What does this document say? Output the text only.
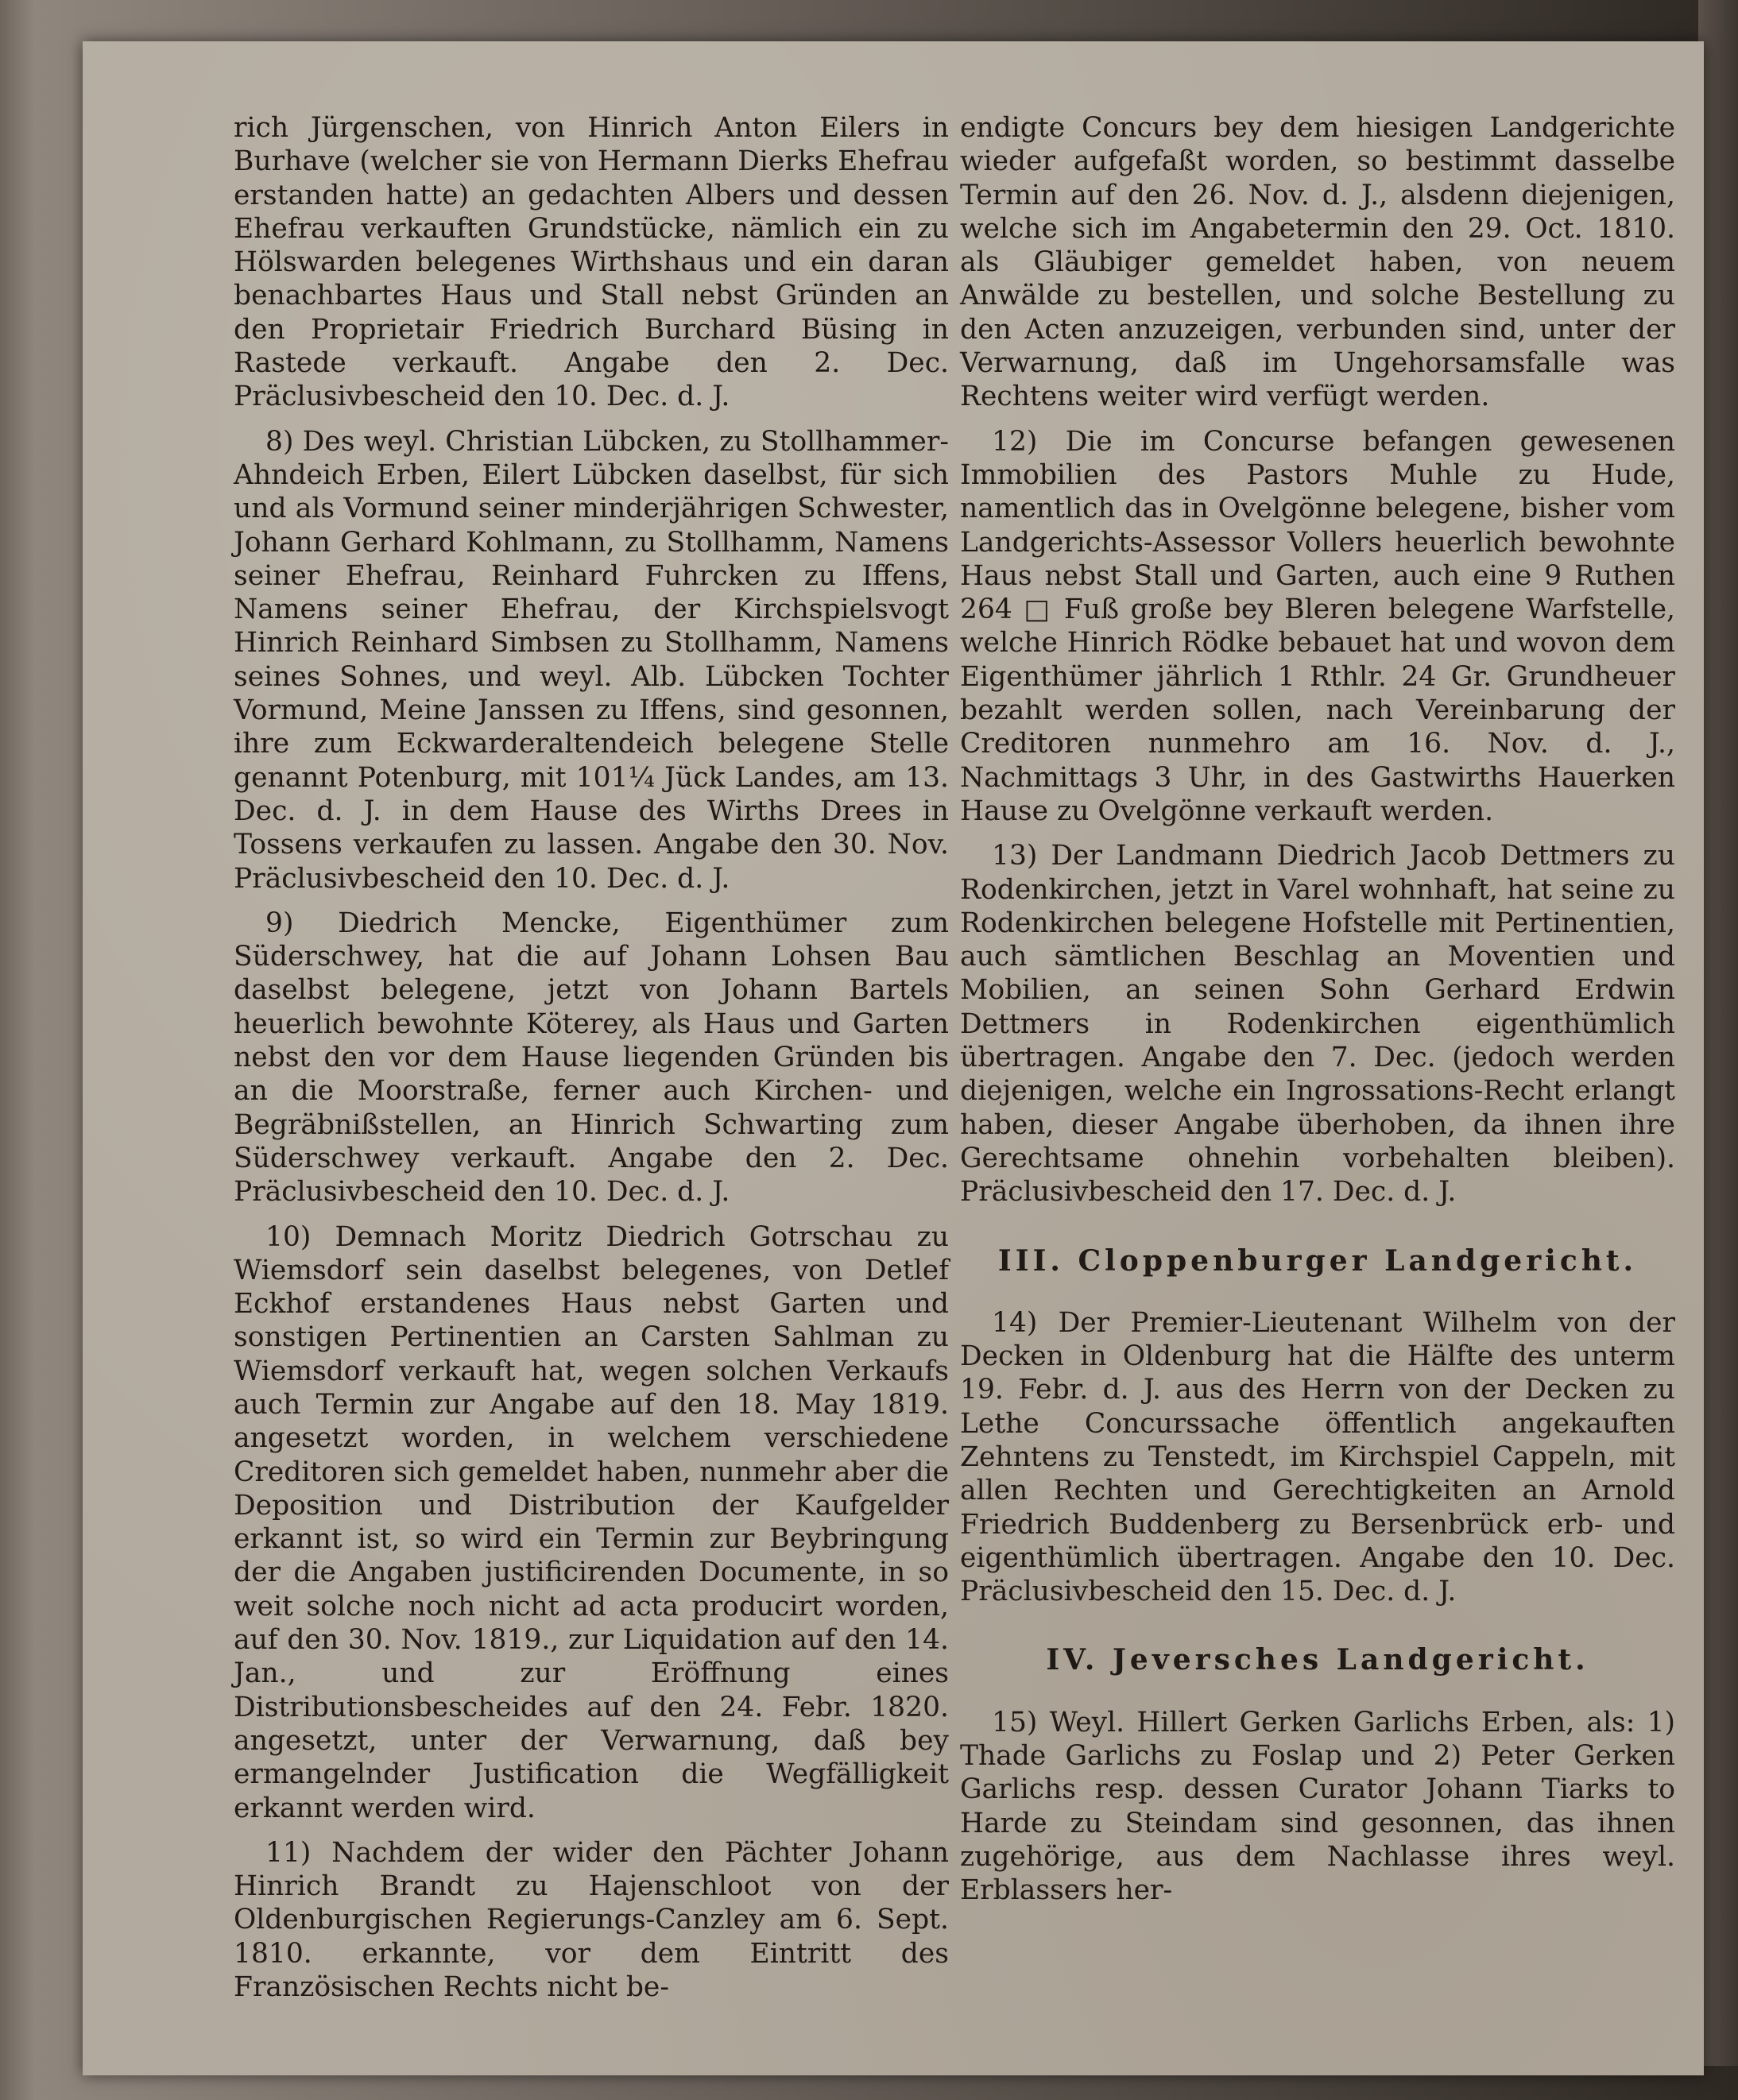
rich Jürgenschen, von Hinrich Anton Eilers in Burhave (welcher sie von Hermann Dierks Ehefrau erstanden hatte) an gedachten Albers und dessen Ehefrau verkauften Grundstücke, nämlich ein zu Hölswarden belegenes Wirthshaus und ein daran benachbartes Haus und Stall nebst Gründen an den Proprietair Friedrich Burchard Büsing in Rastede verkauft. Angabe den 2. Dec. Präclusivbescheid den 10. Dec. d. J.

8) Des weyl. Christian Lübcken, zu Stollhammer-Ahndeich Erben, Eilert Lübcken daselbst, für sich und als Vormund seiner minderjährigen Schwester, Johann Gerhard Kohlmann, zu Stollhamm, Namens seiner Ehefrau, Reinhard Fuhrcken zu Iffens, Namens seiner Ehefrau, der Kirchspielsvogt Hinrich Reinhard Simbsen zu Stollhamm, Namens seines Sohnes, und weyl. Alb. Lübcken Tochter Vormund, Meine Janssen zu Iffens, sind gesonnen, ihre zum Eckwarderaltendeich belegene Stelle genannt Potenburg, mit 101¼ Jück Landes, am 13. Dec. d. J. in dem Hause des Wirths Drees in Tossens verkaufen zu lassen. Angabe den 30. Nov. Präclusivbescheid den 10. Dec. d. J.

9) Diedrich Mencke, Eigenthümer zum Süderschwey, hat die auf Johann Lohsen Bau daselbst belegene, jetzt von Johann Bartels heuerlich bewohnte Köterey, als Haus und Garten nebst den vor dem Hause liegenden Gründen bis an die Moorstraße, ferner auch Kirchen- und Begräbnißstellen, an Hinrich Schwarting zum Süderschwey verkauft. Angabe den 2. Dec. Präclusivbescheid den 10. Dec. d. J.

10) Demnach Moritz Diedrich Gotrschau zu Wiemsdorf sein daselbst belegenes, von Detlef Eckhof erstandenes Haus nebst Garten und sonstigen Pertinentien an Carsten Sahlman zu Wiemsdorf verkauft hat, wegen solchen Verkaufs auch Termin zur Angabe auf den 18. May 1819. angesetzt worden, in welchem verschiedene Creditoren sich gemeldet haben, nunmehr aber die Deposition und Distribution der Kaufgelder erkannt ist, so wird ein Termin zur Beybringung der die Angaben justificirenden Documente, in so weit solche noch nicht ad acta producirt worden, auf den 30. Nov. 1819., zur Liquidation auf den 14. Jan., und zur Eröffnung eines Distributionsbescheides auf den 24. Febr. 1820. angesetzt, unter der Verwarnung, daß bey ermangelnder Justification die Wegfälligkeit erkannt werden wird.

11) Nachdem der wider den Pächter Johann Hinrich Brandt zu Hajenschloot von der Oldenburgischen Regierungs-Canzley am 6. Sept. 1810. erkannte, vor dem Eintritt des Französischen Rechts nicht be-

endigte Concurs bey dem hiesigen Landgerichte wieder aufgefaßt worden, so bestimmt dasselbe Termin auf den 26. Nov. d. J., alsdenn diejenigen, welche sich im Angabetermin den 29. Oct. 1810. als Gläubiger gemeldet haben, von neuem Anwälde zu bestellen, und solche Bestellung zu den Acten anzuzeigen, verbunden sind, unter der Verwarnung, daß im Ungehorsamsfalle was Rechtens weiter wird verfügt werden.

12) Die im Concurse befangen gewesenen Immobilien des Pastors Muhle zu Hude, namentlich das in Ovelgönne belegene, bisher vom Landgerichts-Assessor Vollers heuerlich bewohnte Haus nebst Stall und Garten, auch eine 9 Ruthen 264 □ Fuß große bey Bleren belegene Warfstelle, welche Hinrich Rödke bebauet hat und wovon dem Eigenthümer jährlich 1 Rthlr. 24 Gr. Grundheuer bezahlt werden sollen, nach Vereinbarung der Creditoren nunmehro am 16. Nov. d. J., Nachmittags 3 Uhr, in des Gastwirths Hauerken Hause zu Ovelgönne verkauft werden.

13) Der Landmann Diedrich Jacob Dettmers zu Rodenkirchen, jetzt in Varel wohnhaft, hat seine zu Rodenkirchen belegene Hofstelle mit Pertinentien, auch sämtlichen Beschlag an Moventien und Mobilien, an seinen Sohn Gerhard Erdwin Dettmers in Rodenkirchen eigenthümlich übertragen. Angabe den 7. Dec. (jedoch werden diejenigen, welche ein Ingrossations-Recht erlangt haben, dieser Angabe überhoben, da ihnen ihre Gerechtsame ohnehin vorbehalten bleiben). Präclusivbescheid den 17. Dec. d. J.

III. Cloppenburger Landgericht.

14) Der Premier-Lieutenant Wilhelm von der Decken in Oldenburg hat die Hälfte des unterm 19. Febr. d. J. aus des Herrn von der Decken zu Lethe Concurssache öffentlich angekauften Zehntens zu Tenstedt, im Kirchspiel Cappeln, mit allen Rechten und Gerechtigkeiten an Arnold Friedrich Buddenberg zu Bersenbrück erb- und eigenthümlich übertragen. Angabe den 10. Dec. Präclusivbescheid den 15. Dec. d. J.

IV. Jeversches Landgericht.

15) Weyl. Hillert Gerken Garlichs Erben, als: 1) Thade Garlichs zu Foslap und 2) Peter Gerken Garlichs resp. dessen Curator Johann Tiarks to Harde zu Steindam sind gesonnen, das ihnen zugehörige, aus dem Nachlasse ihres weyl. Erblassers her-
